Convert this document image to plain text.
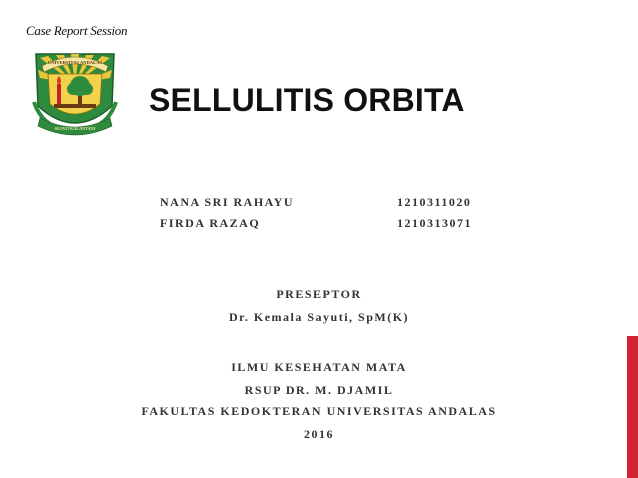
Case Report Session
UNIVERSITAS ANDALAS
SEJATI KALANTANI
SELLULITIS ORBITA
NANA SRI RAHAYU	1210311020
FIRDA RAZAQ	1210313071
PRESEPTOR
Dr. Kemala Sayuti, SpM(K)
ILMU KESEHATAN MATA
RSUP DR. M. DJAMIL
FAKULTAS KEDOKTERAN UNIVERSITAS ANDALAS
2016
